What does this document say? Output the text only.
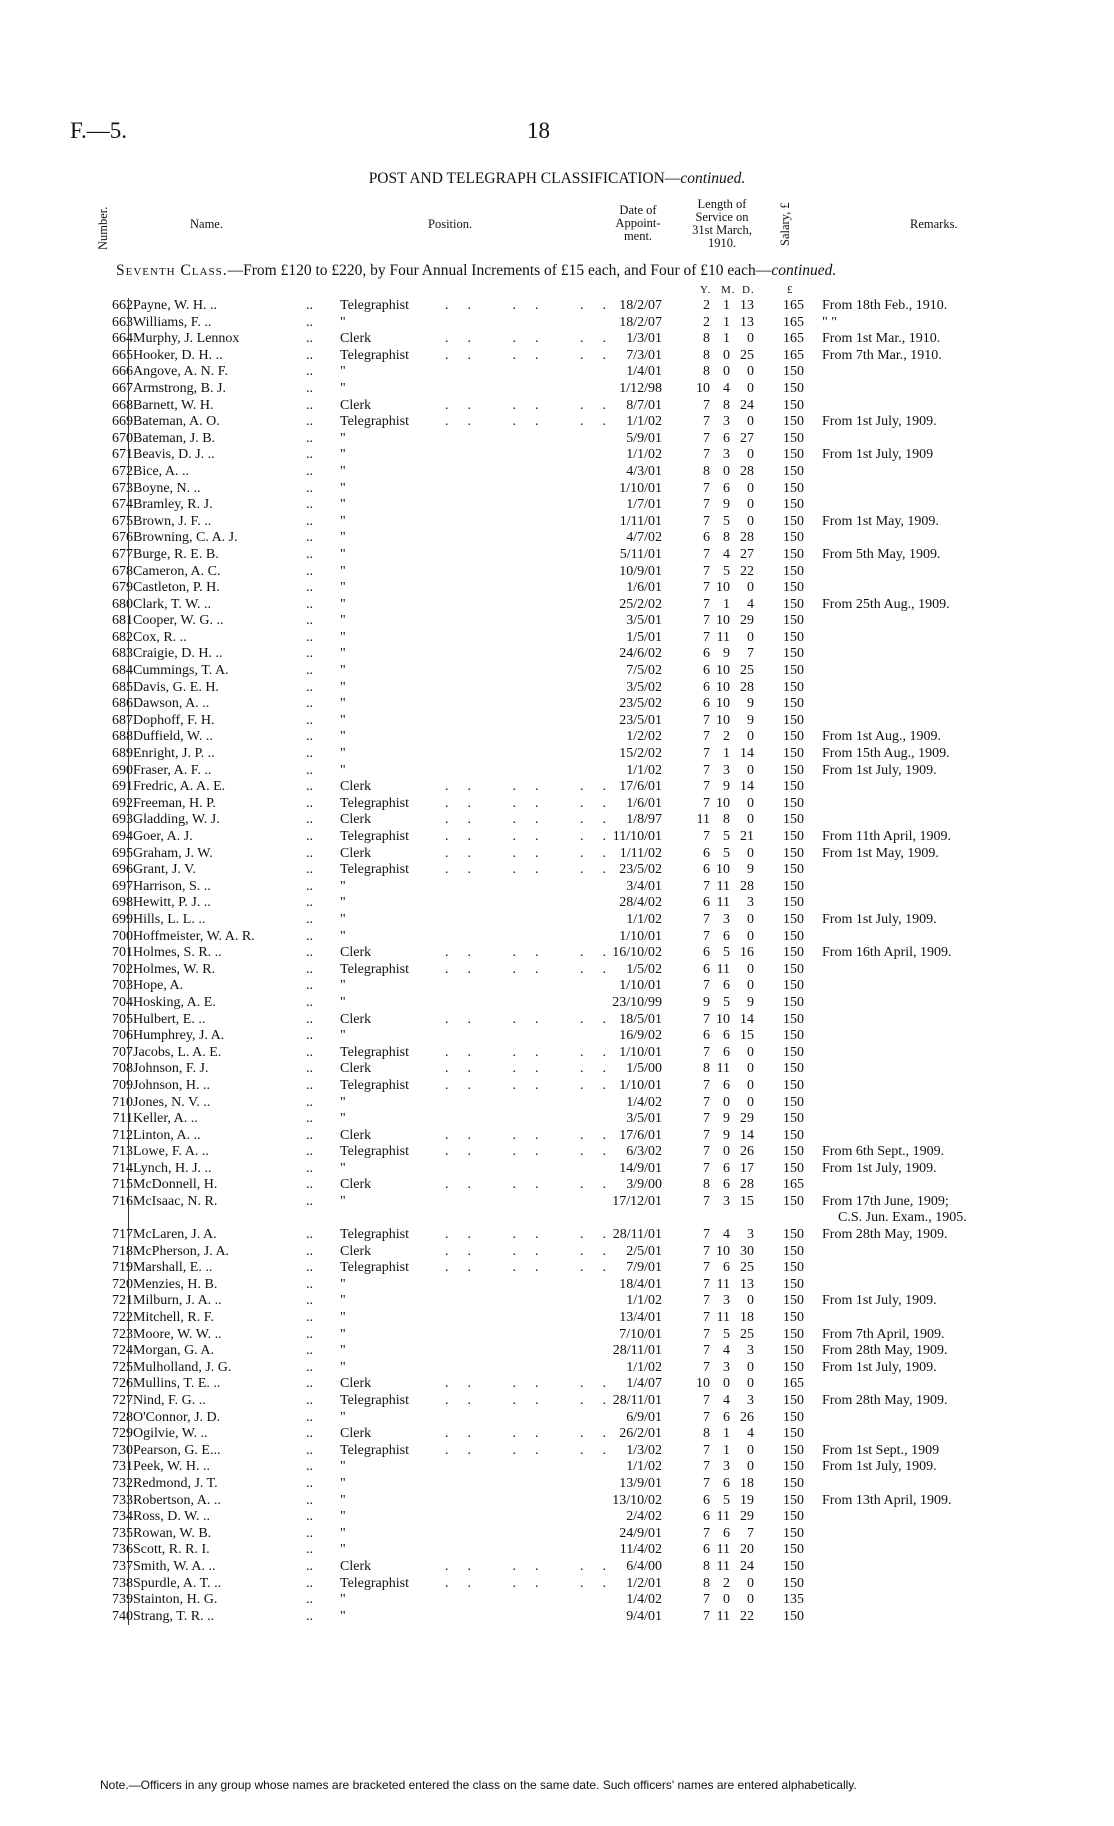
F.—5.	18
POST AND TELEGRAPH CLASSIFICATION—continued.
Number.	Name.	Position.
Date of
Appoint-
ment.
Length of
Service on
31st March,
1910.	Salary, £	Remarks.
Seventh Class.—From £120 to £220, by Four Annual Increments of £15 each, and Four of £10 each—continued.
Y. M. D.	£
662 Payne, W. H. ..	Telegraphist	18/2/07	2 1 13	165 From 18th Feb., 1910.
..	.. .. ..
663 Williams, F. ..	"	18/2/07	2 1 13	165 " "
..
664 Murphy, J. Lennox	Clerk	1/3/01	8 1	0	165 From 1st Mar., 1910.
..	.. .. ..
665 Hooker, D. H. ..	Telegraphist	7/3/01	8 0 25	165 From 7th Mar., 1910.
..	.. .. ..
666 Angove, A. N. F.	"	1/4/01	8 0	0	150
..
667 Armstrong, B. J.	"	1/12/98 10 4	0	150
..
668 Barnett, W. H.	Clerk	8/7/01	7 8 24	150
..	.. .. ..
669 Bateman, A. O.	Telegraphist	1/1/02	7 3	0	150 From 1st July, 1909.
..	.. .. ..
670 Bateman, J. B.	"	5/9/01	7 6 27	150
..
671 Beavis, D. J. ..	"	1/1/02	7 3	0	150 From 1st July, 1909
..
672 Bice, A. ..	"	4/3/01	8 0 28	150
..
673 Boyne, N. ..	"	1/10/01	7 6	0	150
..
674 Bramley, R. J.	"	1/7/01	7 9	0	150
..
675 Brown, J. F. ..	"	1/11/01	7 5	0	150 From 1st May, 1909.
..
676 Browning, C. A. J.	"	4/7/02	6 8 28	150
..
677 Burge, R. E. B.	"	5/11/01	7 4 27	150 From 5th May, 1909.
..
678 Cameron, A. C.	"	10/9/01	7 5 22	150
..
679 Castleton, P. H.	"	1/6/01	7 10	0	150
..
680 Clark, T. W. ..	"	25/2/02	7 1	4	150 From 25th Aug., 1909.
..
681 Cooper, W. G. ..	"	3/5/01	7 10 29	150
..
682 Cox, R. ..	"	1/5/01	7 11	0	150
..
683 Craigie, D. H. ..	"	24/6/02	6 9	7	150
..
684 Cummings, T. A.	"	7/5/02	6 10 25	150
..
685 Davis, G. E. H.	"	3/5/02	6 10 28	150
..
686 Dawson, A. ..	"	23/5/02	6 10	9	150
..
687 Dophoff, F. H.	"	23/5/01	7 10	9	150
..
688 Duffield, W. ..	"	1/2/02	7 2	0	150 From 1st Aug., 1909.
..
689 Enright, J. P. ..	"	15/2/02	7 1 14	150 From 15th Aug., 1909.
..
690 Fraser, A. F. ..	"	1/1/02	7 3	0	150 From 1st July, 1909.
..
691 Fredric, A. A. E.	Clerk	17/6/01	7 9 14	150
..	.. .. ..
692 Freeman, H. P.	Telegraphist	1/6/01	7 10	0	150
..	.. .. ..
693 Gladding, W. J.	Clerk	1/8/97 11 8	0	150
..	.. .. ..
694 Goer, A. J.	Telegraphist	11/10/01	7 5 21	150 From 11th April, 1909.
..	.. .. ..
695 Graham, J. W.	Clerk	1/11/02	6 5	0	150 From 1st May, 1909.
..	.. .. ..
696 Grant, J. V.	Telegraphist	23/5/02	6 10	9	150
..	.. .. ..
697 Harrison, S. ..	"	3/4/01	7 11 28	150
..
698 Hewitt, P. J. ..	"	28/4/02	6 11	3	150
..
699 Hills, L. L. ..	"	1/1/02	7 3	0	150 From 1st July, 1909.
..
700 Hoffmeister, W. A. R.	"	1/10/01	7 6	0	150
..
701 Holmes, S. R. ..	Clerk	16/10/02	6 5 16	150 From 16th April, 1909.
..	.. .. ..
702 Holmes, W. R.	Telegraphist	1/5/02	6 11	0	150
..	.. .. ..
703 Hope, A.	"	1/10/01	7 6	0	150
..
704 Hosking, A. E.	"	23/10/99	9 5	9	150
..
705 Hulbert, E. ..	Clerk	18/5/01	7 10 14	150
..	.. .. ..
706 Humphrey, J. A.	"	16/9/02	6 6 15	150
..
707 Jacobs, L. A. E.	Telegraphist	1/10/01	7 6	0	150
..	.. .. ..
708 Johnson, F. J.	Clerk	1/5/00	8 11	0	150
..	.. .. ..
709 Johnson, H. ..	Telegraphist	1/10/01	7 6	0	150
..	.. .. ..
710 Jones, N. V. ..	"	1/4/02	7 0	0	150
..
711 Keller, A. ..	"	3/5/01	7 9 29	150
..
712 Linton, A. ..	Clerk	17/6/01	7 9 14	150
..	.. .. ..
713 Lowe, F. A. ..	Telegraphist	6/3/02	7 0 26	150 From 6th Sept., 1909.
..	.. .. ..
714 Lynch, H. J. ..	"	14/9/01	7 6 17	150 From 1st July, 1909.
..
715 McDonnell, H.	Clerk	3/9/00	8 6 28	165
..	.. .. ..
716 McIsaac, N. R.	"	17/12/01	7 3 15	150 From 17th June, 1909;
C.S. Jun. Exam., 1905.
..
717 McLaren, J. A.	Telegraphist	28/11/01	7 4	3	150 From 28th May, 1909.
..	.. .. ..
718 McPherson, J. A.	Clerk	2/5/01	7 10 30	150
..	.. .. ..
719 Marshall, E. ..	Telegraphist	7/9/01	7 6 25	150
..	.. .. ..
720 Menzies, H. B.	"	18/4/01	7 11 13	150
..
721 Milburn, J. A. ..	"	1/1/02	7 3	0	150 From 1st July, 1909.
..
722 Mitchell, R. F.	"	13/4/01	7 11 18	150
..
723 Moore, W. W. ..	"	7/10/01	7 5 25	150 From 7th April, 1909.
..
724 Morgan, G. A.	"	28/11/01	7 4	3	150 From 28th May, 1909.
..
725 Mulholland, J. G.	"	1/1/02	7 3	0	150 From 1st July, 1909.
..
726 Mullins, T. E. ..	Clerk	1/4/07 10 0	0	165
..	.. .. ..
727 Nind, F. G. ..	Telegraphist	28/11/01	7 4	3	150 From 28th May, 1909.
..	.. .. ..
728 O'Connor, J. D.	"	6/9/01	7 6 26	150
..
729 Ogilvie, W. ..	Clerk	26/2/01	8 1	4	150
..	.. .. ..
730 Pearson, G. E...	Telegraphist	1/3/02	7 1	0	150 From 1st Sept., 1909
..	.. .. ..
731 Peek, W. H. ..	"	1/1/02	7 3	0	150 From 1st July, 1909.
..
732 Redmond, J. T.	"	13/9/01	7 6 18	150
..
733 Robertson, A. ..	"	13/10/02	6 5 19	150 From 13th April, 1909.
..
734 Ross, D. W. ..	"	2/4/02	6 11 29	150
..
735 Rowan, W. B.	"	24/9/01	7 6	7	150
..
736 Scott, R. R. I.	"	11/4/02	6 11 20	150
..
737 Smith, W. A. ..	Clerk	6/4/00	8 11 24	150
..	.. .. ..
738 Spurdle, A. T. ..	Telegraphist	1/2/01	8 2	0	150
..	.. .. ..
739 Stainton, H. G.	"	1/4/02	7 0	0	135
..
740 Strang, T. R. ..	"	9/4/01	7 11 22	150
..
Note.—Officers in any group whose names are bracketed entered the class on the same date. Such officers' names are entered alphabetically.
